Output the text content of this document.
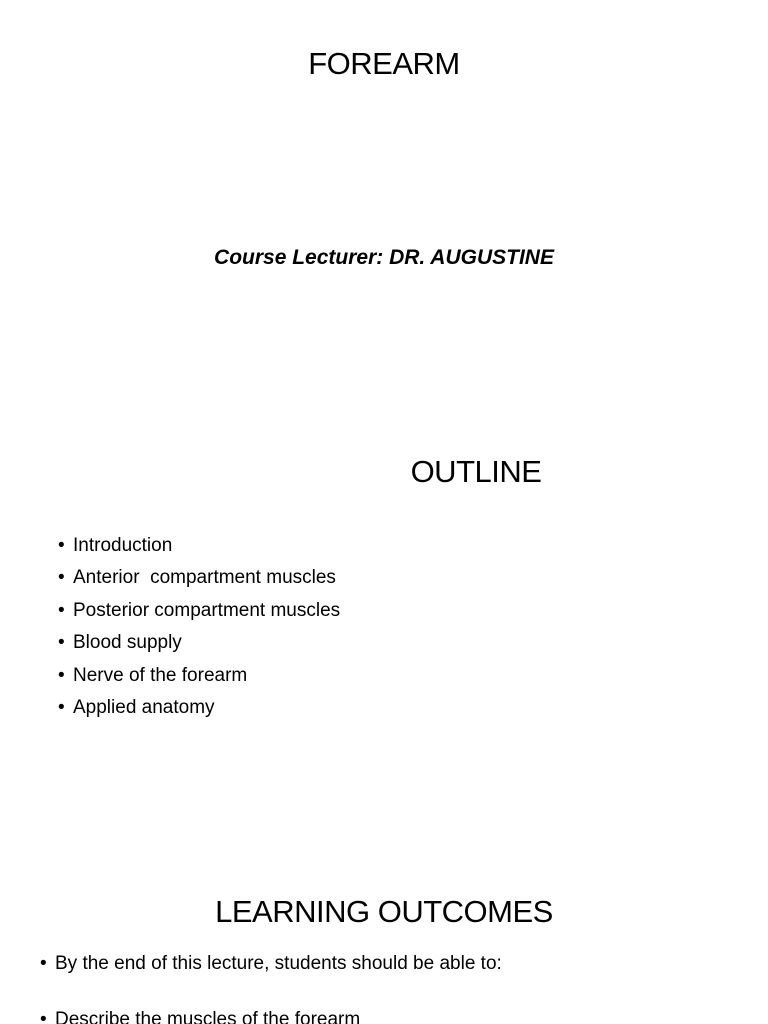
FOREARM
Course Lecturer: DR. AUGUSTINE
OUTLINE
• Introduction
• Anterior  compartment muscles
• Posterior compartment muscles
• Blood supply
• Nerve of the forearm
• Applied anatomy
LEARNING OUTCOMES
• By the end of this lecture, students should be able to:
• Describe the muscles of the forearm
